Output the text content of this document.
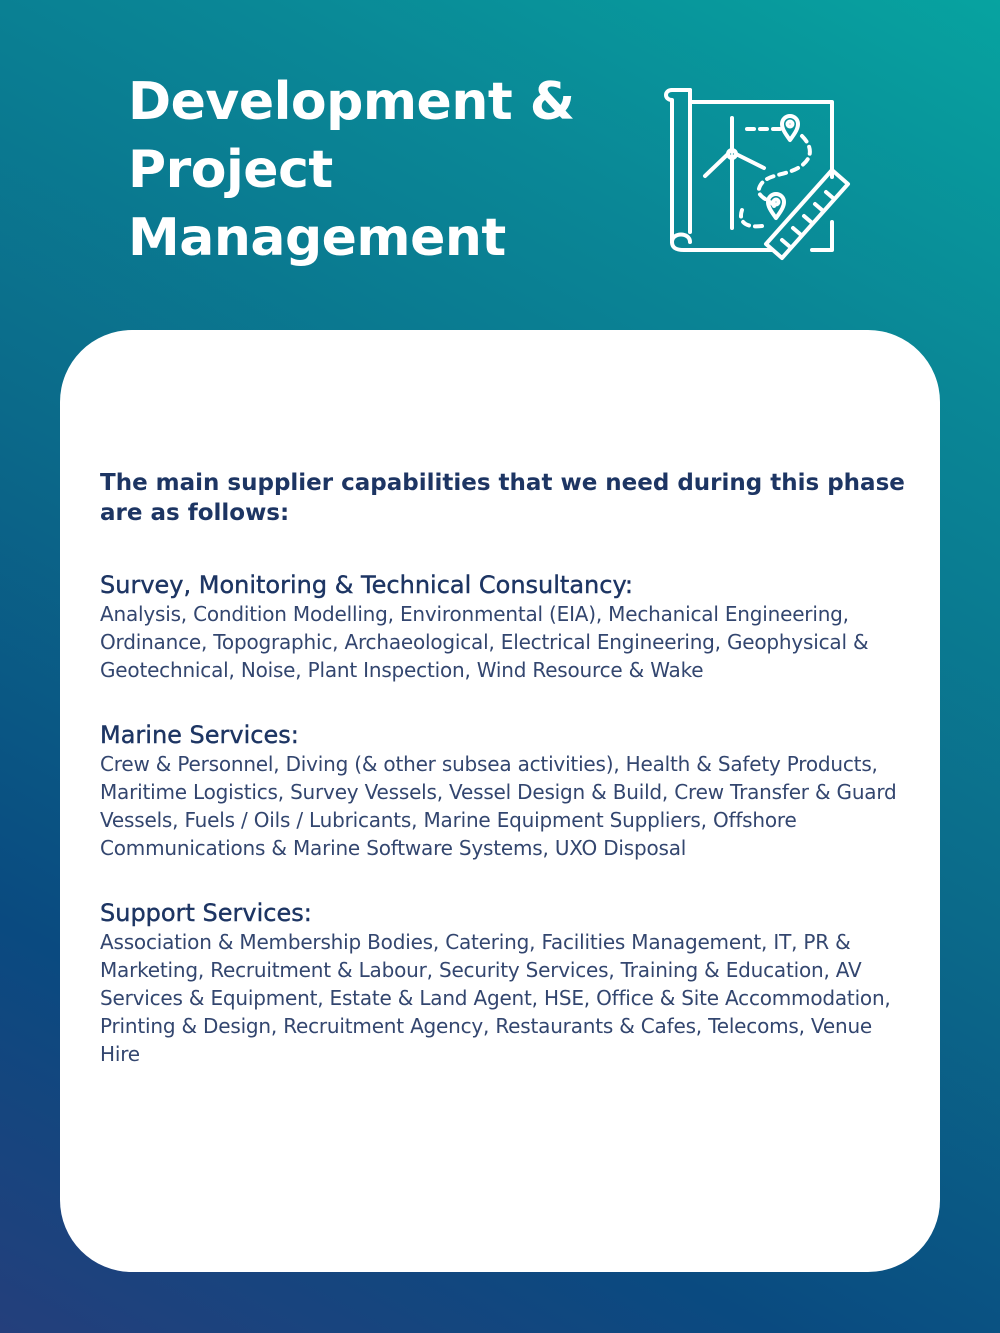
Development &
Project
Management

The main supplier capabilities that we need during this phase are as follows:

Survey, Monitoring & Technical Consultancy:

Analysis, Condition Modelling, Environmental (EIA), Mechanical Engineering, Ordinance, Topographic, Archaeological, Electrical Engineering, Geophysical & Geotechnical, Noise, Plant Inspection, Wind Resource & Wake

Marine Services:

Crew & Personnel, Diving (& other subsea activities), Health & Safety Products, Maritime Logistics, Survey Vessels, Vessel Design & Build, Crew Transfer & Guard Vessels, Fuels / Oils / Lubricants, Marine Equipment Suppliers, Offshore Communications & Marine Software Systems, UXO Disposal

Support Services:

Association & Membership Bodies, Catering, Facilities Management, IT, PR & Marketing, Recruitment & Labour, Security Services, Training & Education, AV Services & Equipment, Estate & Land Agent, HSE, Office & Site Accommodation, Printing & Design, Recruitment Agency, Restaurants & Cafes, Telecoms, Venue Hire
